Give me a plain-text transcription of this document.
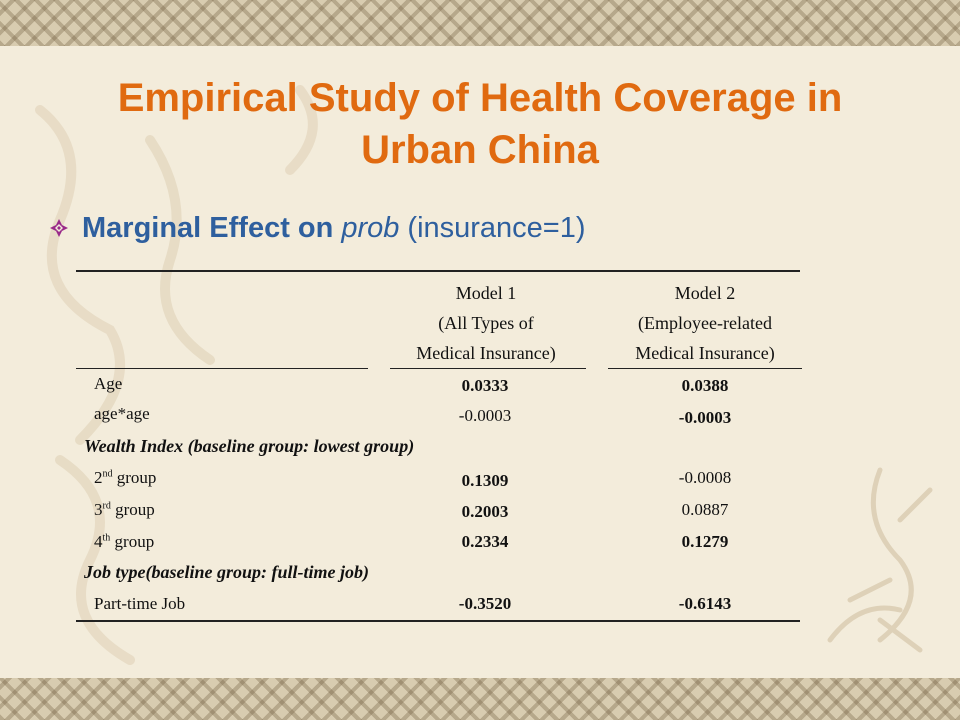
Empirical Study of Health Coverage in
Urban China
Marginal Effect on prob (insurance=1)
Model 1
(All Types of
Medical Insurance)
Model 2
(Employee-related
Medical Insurance)
Age	0.0333	0.0388
age*age	-0.0003	-0.0003
Wealth Index (baseline group: lowest group)
2nd group	0.1309	-0.0008
3rd group	0.2003	0.0887
4th group	0.2334	0.1279
Job type(baseline group: full-time job)
Part-time Job	-0.3520	-0.6143
